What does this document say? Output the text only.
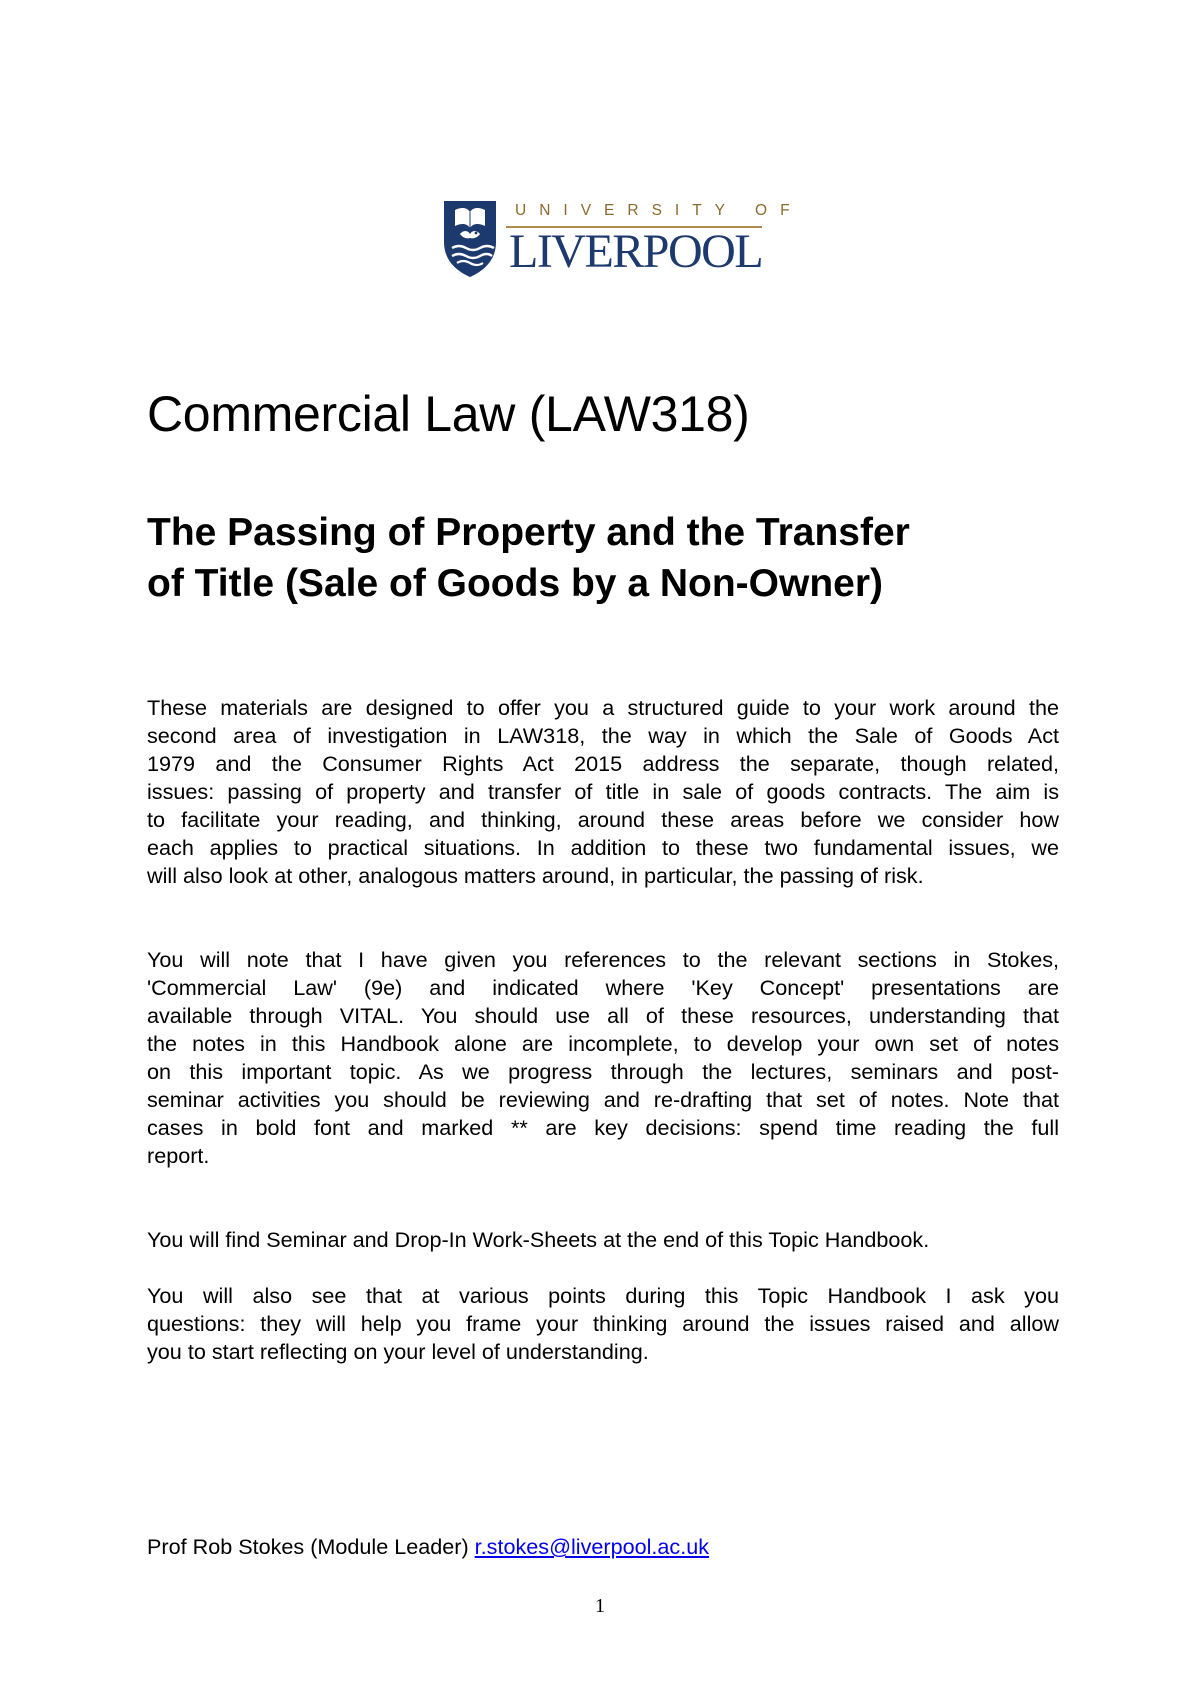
UNIVERSITY OF
LIVERPOOL
Commercial Law (LAW318)
The Passing of Property and the Transfer
of Title (Sale of Goods by a Non-Owner)
These materials are designed to offer you a structured guide to your work around the
second area of investigation in LAW318, the way in which the Sale of Goods Act
1979 and the Consumer Rights Act 2015 address the separate, though related,
issues: passing of property and transfer of title in sale of goods contracts. The aim is
to facilitate your reading, and thinking, around these areas before we consider how
each applies to practical situations. In addition to these two fundamental issues, we
will also look at other, analogous matters around, in particular, the passing of risk.
You will note that I have given you references to the relevant sections in Stokes,
'Commercial Law' (9e) and indicated where 'Key Concept' presentations are
available through VITAL. You should use all of these resources, understanding that
the notes in this Handbook alone are incomplete, to develop your own set of notes
on this important topic. As we progress through the lectures, seminars and post-
seminar activities you should be reviewing and re-drafting that set of notes. Note that
cases in bold font and marked ** are key decisions: spend time reading the full
report.
You will find Seminar and Drop-In Work-Sheets at the end of this Topic Handbook.
You will also see that at various points during this Topic Handbook I ask you
questions: they will help you frame your thinking around the issues raised and allow
you to start reflecting on your level of understanding.
Prof Rob Stokes (Module Leader) r.stokes@liverpool.ac.uk
1
